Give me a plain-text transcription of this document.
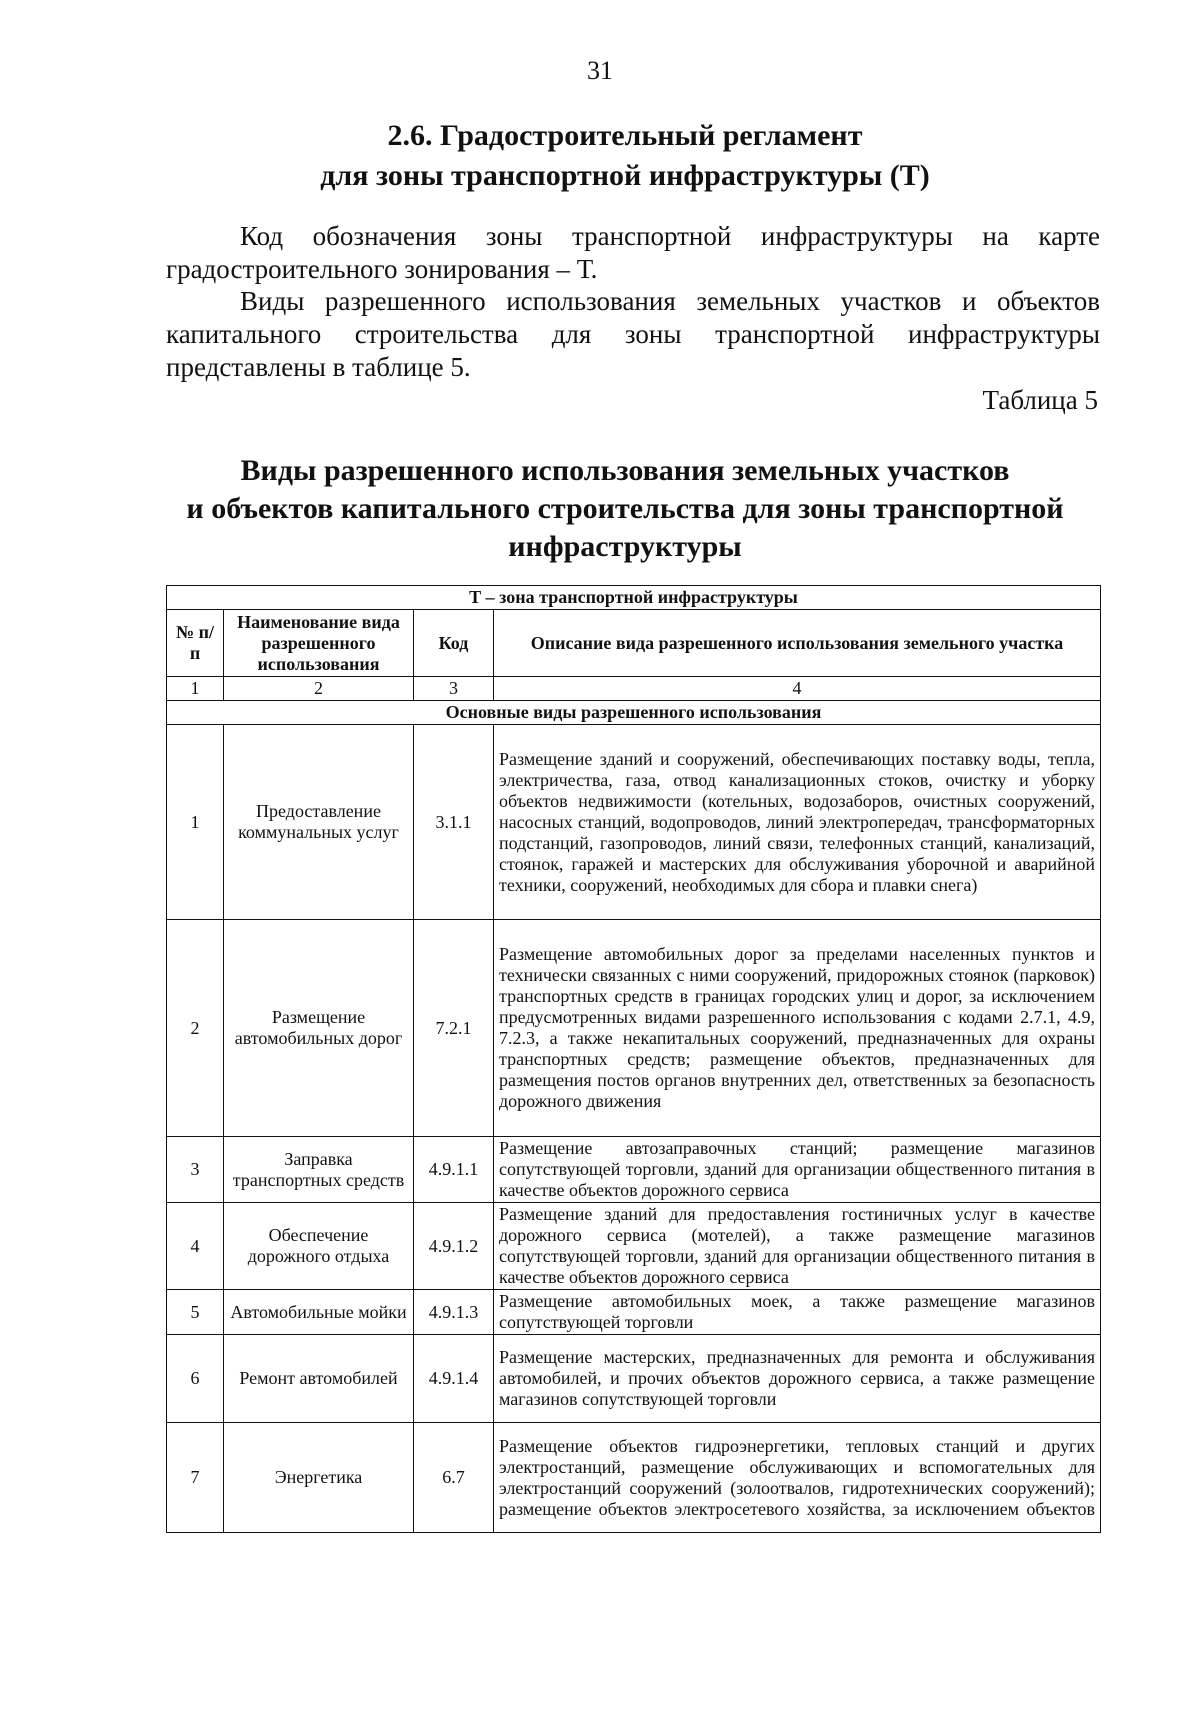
31
2.6. Градостроительный регламент
для зоны транспортной инфраструктуры (Т)
Код обозначения зоны транспортной инфраструктуры на карте градостроительного зонирования – Т.
Виды разрешенного использования земельных участков и объектов капитального строительства для зоны транспортной инфраструктуры представлены в таблице 5.
Таблица 5
Виды разрешенного использования земельных участков
и объектов капитального строительства для зоны транспортной
инфраструктуры
Т – зона транспортной инфраструктуры			
№ п/п	Наименование вида разрешенного использования	Код	Описание вида разрешенного использования земельного участка
1	2	3	4
Основные виды разрешенного использования			
1	Предоставление коммунальных услуг	3.1.1	Размещение зданий и сооружений, обеспечивающих поставку воды, тепла, электричества, газа, отвод канализационных стоков, очистку и уборку объектов недвижимости (котельных, водозаборов, очистных сооружений, насосных станций, водопроводов, линий электропередач, трансформаторных подстанций, газопроводов, линий связи, телефонных станций, канализаций, стоянок, гаражей и мастерских для обслуживания уборочной и аварийной техники, сооружений, необходимых для сбора и плавки снега)
2	Размещение автомобильных дорог	7.2.1	Размещение автомобильных дорог за пределами населенных пунктов и технически связанных с ними сооружений, придорожных стоянок (парковок) транспортных средств в границах городских улиц и дорог, за исключением предусмотренных видами разрешенного использования с кодами 2.7.1, 4.9, 7.2.3, а также некапитальных сооружений, предназначенных для охраны транспортных средств; размещение объектов, предназначенных для размещения постов органов внутренних дел, ответственных за безопасность дорожного движения
3	Заправка транспортных средств	4.9.1.1	Размещение автозаправочных станций; размещение магазинов сопутствующей торговли, зданий для организации общественного питания в качестве объектов дорожного сервиса
4	Обеспечение дорожного отдыха	4.9.1.2	Размещение зданий для предоставления гостиничных услуг в качестве дорожного сервиса (мотелей), а также размещение магазинов сопутствующей торговли, зданий для организации общественного питания в качестве объектов дорожного сервиса
5	Автомобильные мойки	4.9.1.3	Размещение автомобильных моек, а также размещение магазинов сопутствующей торговли
6	Ремонт автомобилей	4.9.1.4	Размещение мастерских, предназначенных для ремонта и обслуживания автомобилей, и прочих объектов дорожного сервиса, а также размещение магазинов сопутствующей торговли
7	Энергетика	6.7	Размещение объектов гидроэнергетики, тепловых станций и других электростанций, размещение обслуживающих и вспомогательных для электростанций сооружений (золоотвалов, гидротехнических сооружений); размещение объектов электросетевого хозяйства, за исключением объектов
